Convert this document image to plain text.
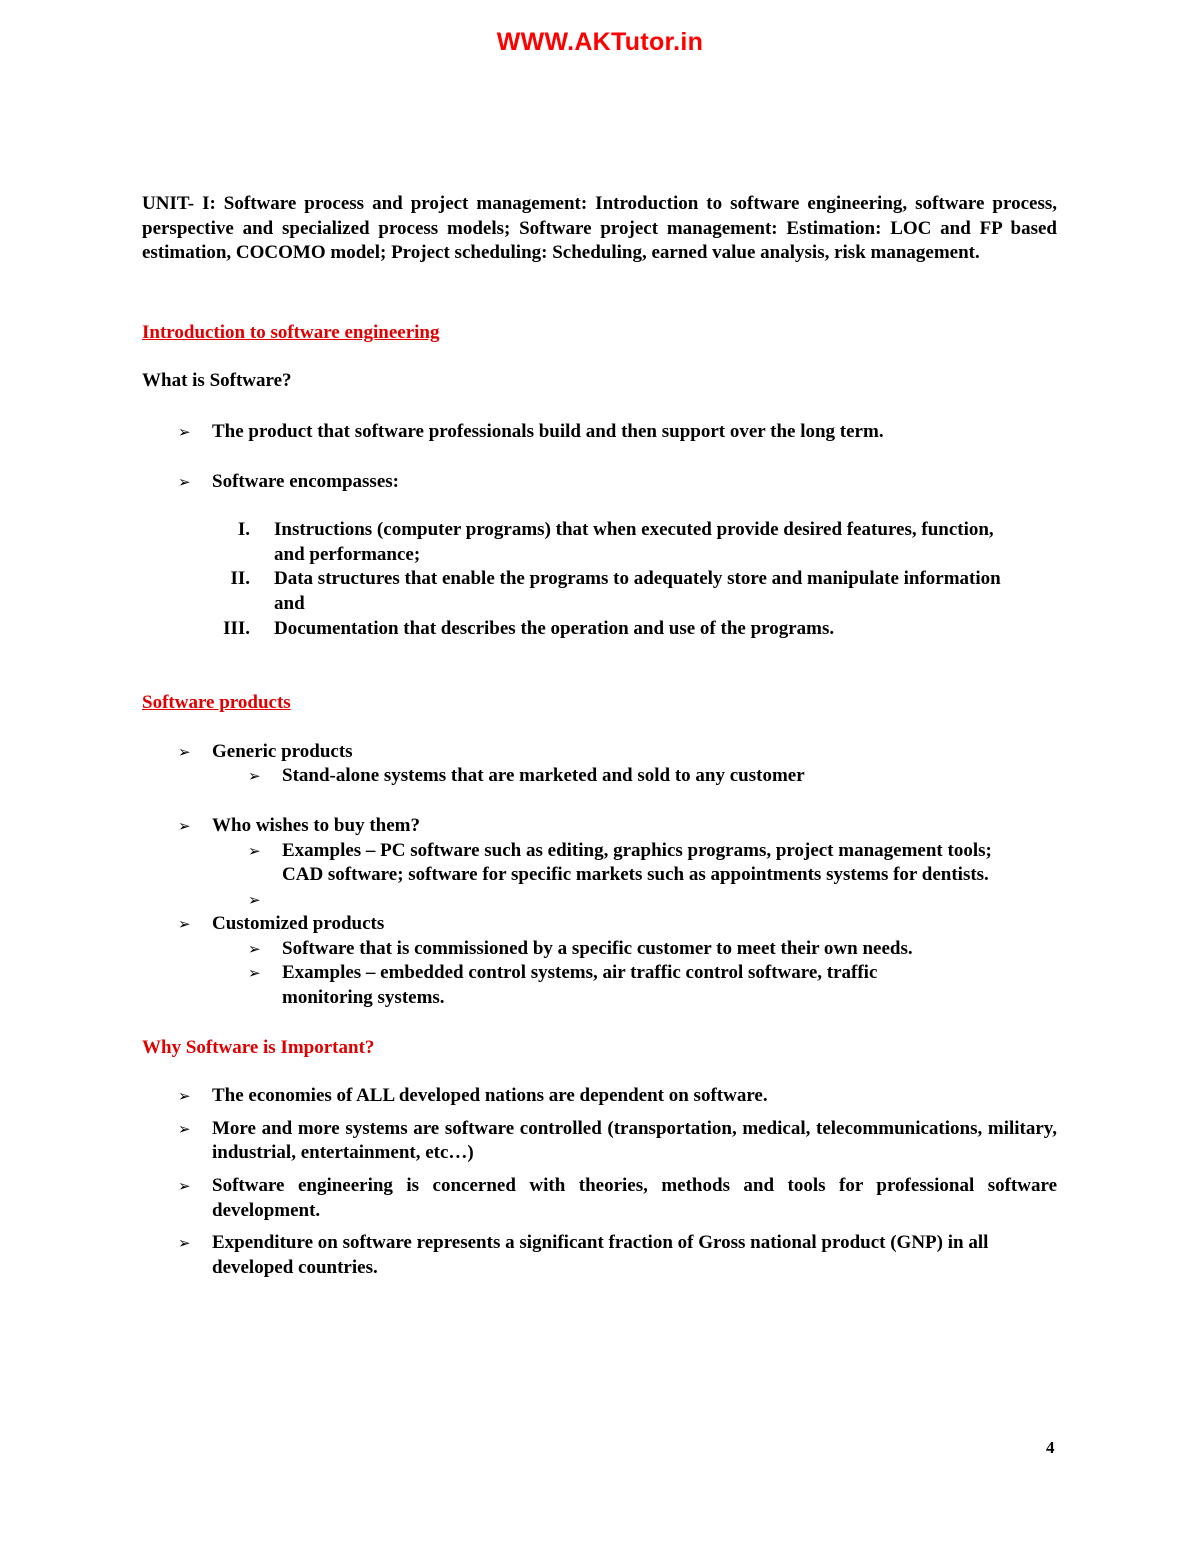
WWW.AKTutor.in

UNIT- I: Software process and project management: Introduction to software engineering, software process, perspective and specialized process models; Software project management: Estimation: LOC and FP based estimation, COCOMO model; Project scheduling: Scheduling, earned value analysis, risk management.

Introduction to software engineering

What is Software?

➢ The product that software professionals build and then support over the long term.
➢ Software encompasses:
I. Instructions (computer programs) that when executed provide desired features, function, and performance;
II. Data structures that enable the programs to adequately store and manipulate information and
III. Documentation that describes the operation and use of the programs.

Software products

➢ Generic products
➢ Stand-alone systems that are marketed and sold to any customer
➢ Who wishes to buy them?
➢ Examples – PC software such as editing, graphics programs, project management tools; CAD software; software for specific markets such as appointments systems for dentists.
➢
➢ Customized products
➢ Software that is commissioned by a specific customer to meet their own needs.
➢ Examples – embedded control systems, air traffic control software, traffic monitoring systems.

Why Software is Important?

➢ The economies of ALL developed nations are dependent on software.
➢ More and more systems are software controlled (transportation, medical, telecommunications, military, industrial, entertainment, etc…)
➢ Software engineering is concerned with theories, methods and tools for professional software development.
➢ Expenditure on software represents a significant fraction of Gross national product (GNP) in all developed countries.
4
